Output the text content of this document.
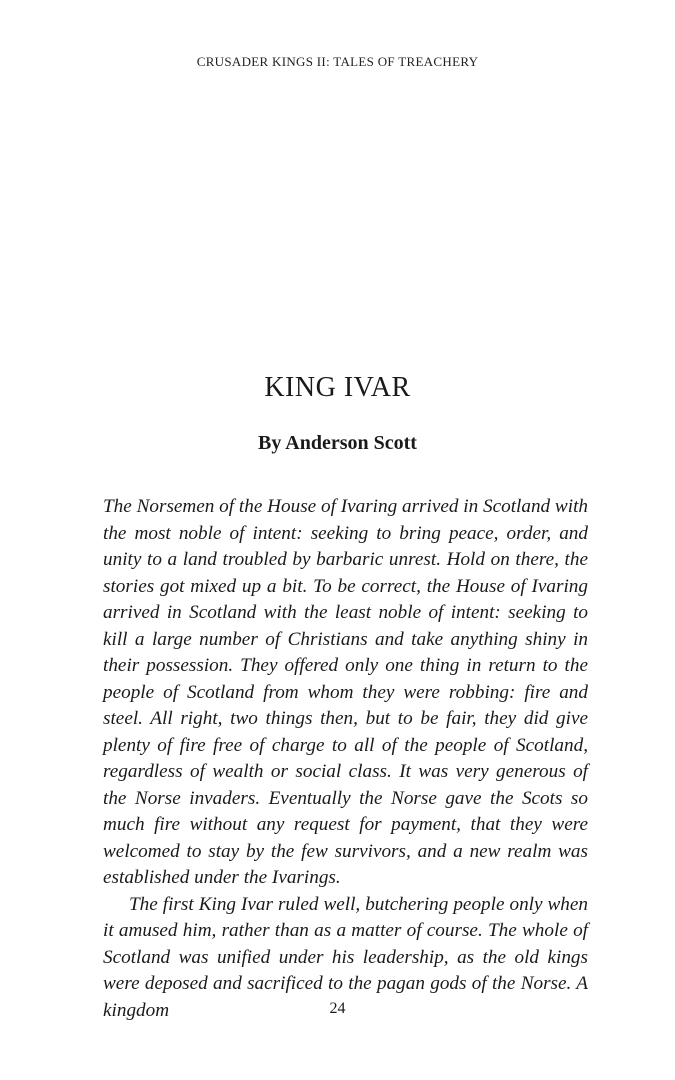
CRUSADER KINGS II: TALES OF TREACHERY
KING IVAR
By Anderson Scott

The Norsemen of the House of Ivaring arrived in Scotland with the most noble of intent: seeking to bring peace, order, and unity to a land troubled by barbaric unrest. Hold on there, the stories got mixed up a bit. To be correct, the House of Ivaring arrived in Scotland with the least noble of intent: seeking to kill a large number of Christians and take anything shiny in their possession. They offered only one thing in return to the people of Scotland from whom they were robbing: fire and steel. All right, two things then, but to be fair, they did give plenty of fire free of charge to all of the people of Scotland, regardless of wealth or social class. It was very generous of the Norse invaders. Eventually the Norse gave the Scots so much fire without any request for payment, that they were welcomed to stay by the few survivors, and a new realm was established under the Ivarings.

The first King Ivar ruled well, butchering people only when it amused him, rather than as a matter of course. The whole of Scotland was unified under his leadership, as the old kings were deposed and sacrificed to the pagan gods of the Norse. A kingdom	24
